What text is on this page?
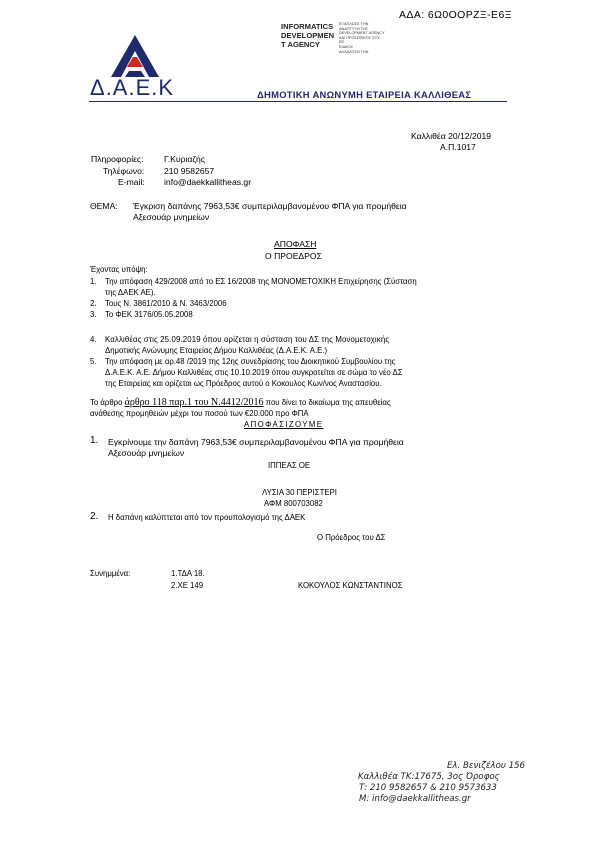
ΑΔΑ: 6Ω0ΟΟΡΖΞ-Ε6Ξ
Δ.Α.Ε.Κ
INFORMATICS
DEVELOPMEN
T AGENCY
ΕΞΑΠΛΩΣΕ ΤΗΝ
ΑΝΑΠΤΥΞΗ ΤΗΣ
DEVELOPMENT AGENCY
ΚΑΙ ΠΡΟΣΩΠΙΚΟΥ ΣΟΥ
ΕΕ
ΕΙΔΙΚΟΙ
ΑΛΛΑΖΟΥΝ ΤΗΝ
ΔΗΜΟΤΙΚΗ ΑΝΩΝΥΜΗ ΕΤΑΙΡΕΙΑ ΚΑΛΛΙΘΕΑΣ
Καλλιθέα 20/12/2019
Α.Π.1017
Πληροφορίες: Γ.Κυριαζής
Τηλέφωνο: 210 9582657
E-mail: info@daekkallitheas.gr
ΘΕΜΑ: Έγκριση δαπάνης 7963,53€ συμπεριλαμβανομένου ΦΠΑ για προμήθεια
Αξεσουάρ μνημείων
ΑΠΟΦΑΣΗ
Ο ΠΡΟΕΔΡΟΣ
Έχοντας υπόψη:
1. Την απόφαση 429/2008 από το ΕΣ 16/2008 της ΜΟΝΟΜΕΤΟΧΙΚΗ Επιχείρησης (Σύσταση
της ΔΑΕΚ ΑΕ).
2. Τους Ν. 3861/2010 & Ν. 3463/2006
3. Το ΦΕΚ 3176/05.05.2008
4. Καλλιθέας στις 25.09.2019 όπου ορίζεται η σύσταση του ΔΣ της Μονομετοχικής
Δημοτικής Ανώνυμης Εταιρείας Δήμου Καλλιθέας (Δ.Α.Ε.Κ. Α.Ε.)
5. Την απόφαση με αρ.48 /2019 της 12ης συνεδρίασης του Διοικητικού Συμβουλίου της
Δ.Α.Ε.Κ. Α.Ε. Δήμου Καλλιθέας στις 10.10.2019 όπου συγκροτείται σε σώμα το νέο ΔΣ
της Εταιρείας και ορίζεται ως Πρόεδρος αυτού ο Κοκουλος Κων/νος Αναστασίου.
Το άρθρο άρθρο 118 παρ.1 του Ν.4412/2016 που δίνει το δικαίωμα της απευθείας
ανάθεσης προμηθειών μέχρι του ποσού των €20.000 προ ΦΠΑ
ΑΠΟΦΑΣΙΖΟΥΜΕ
1. Εγκρίνουμε την δαπάνη 7963,53€ συμπεριλαμβανομένου ΦΠΑ για προμήθεια
Αξεσουάρ μνημείων
ΙΠΠΕΑΣ ΟΕ
ΛΥΣΙΑ 30 ΠΕΡΙΣΤΕΡΙ
ΑΦΜ 800703082
2. Η δαπάνη καλύπτεται από τον προυπολογισμό της ΔΑΕΚ
Ο Πρόεδρος του ΔΣ
Συνημμένα:	1.ΤΔΑ 18.
2.ΧΕ 149	ΚΟΚΟΥΛΟΣ ΚΩΝΣΤΑΝΤΙΝΟΣ
Ελ. Βενιζέλου 156
Καλλιθέα ΤΚ:17675, 3ος Όροφος
Τ: 210 9582657 & 210 9573633
Μ: info@daekkallitheas.gr
